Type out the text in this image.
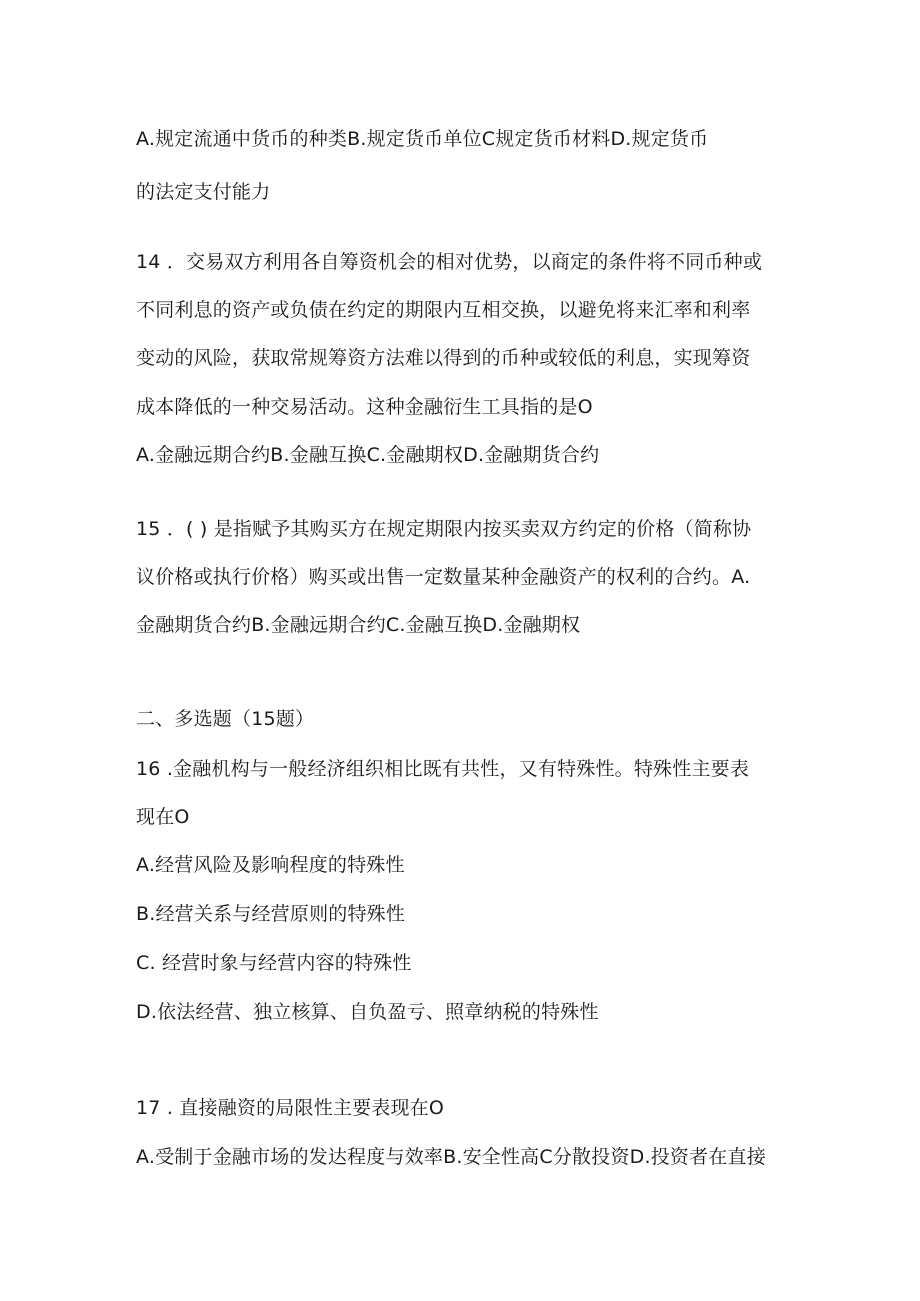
A.规定流通中货币的种类B.规定货币单位C规定货币材料D.规定货币
的法定支付能力
14 ．交易双方利用各自筹资机会的相对优势，以商定的条件将不同币种或
不同利息的资产或负债在约定的期限内互相交换，以避免将来汇率和利率
变动的风险，获取常规筹资方法难以得到的币种或较低的利息，实现筹资
成本降低的一种交易活动。这种金融衍生工具指的是O
A.金融远期合约B.金融互换C.金融期权D.金融期货合约
15 ．( ) 是指赋予其购买方在规定期限内按买卖双方约定的价格（简称协
议价格或执行价格）购买或出售一定数量某种金融资产的权利的合约。A.
金融期货合约B.金融远期合约C.金融互换D.金融期权
二、多选题（15题）
16 .金融机构与一般经济组织相比既有共性，又有特殊性。特殊性主要表
现在O
A.经营风险及影响程度的特殊性
B.经营关系与经营原则的特殊性
C. 经营时象与经营内容的特殊性
D.依法经营、独立核算、自负盈亏、照章纳税的特殊性
17 . 直接融资的局限性主要表现在O
A.受制于金融市场的发达程度与效率B.安全性高C分散投资D.投资者在直接
